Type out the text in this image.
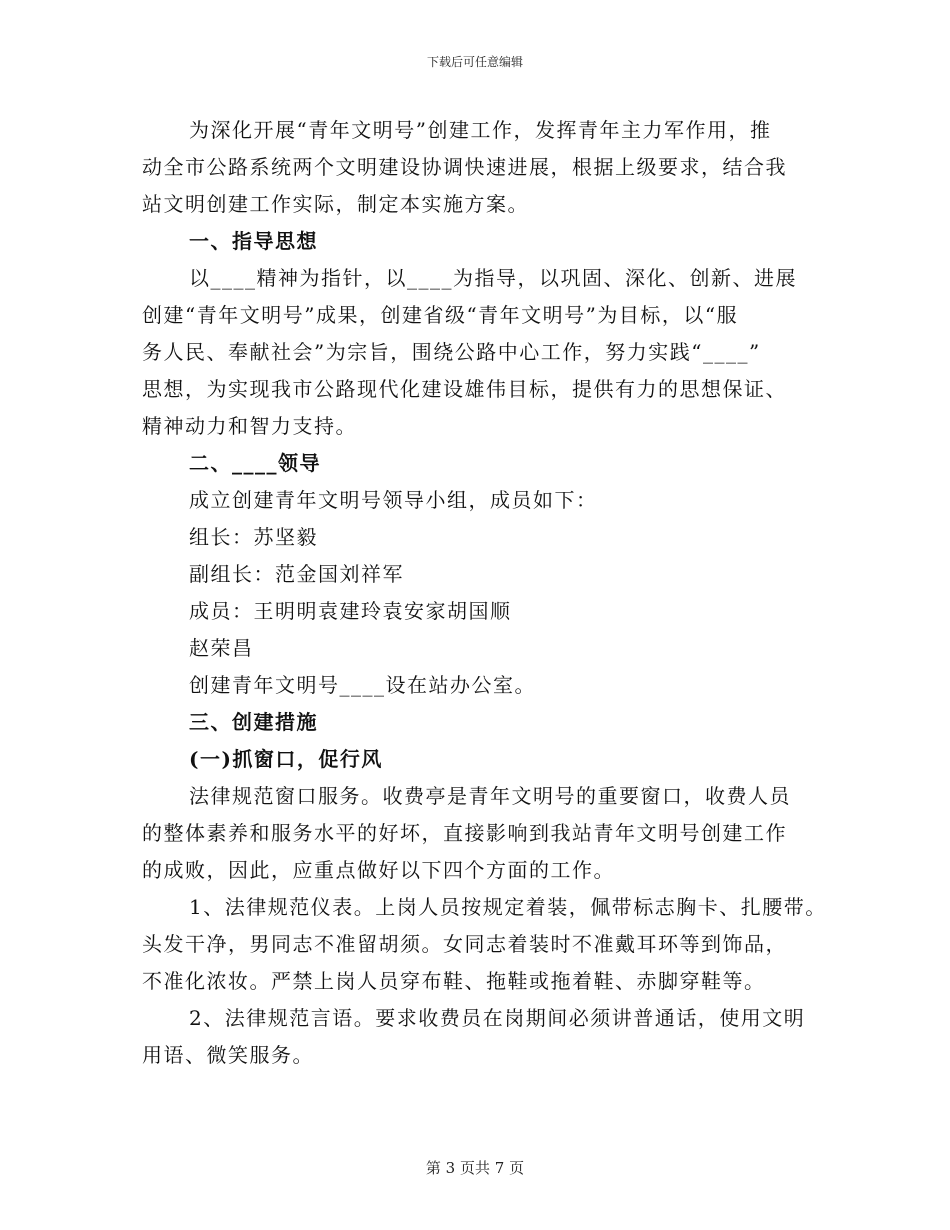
下载后可任意编辑
为深化开展“青年文明号”创建工作，发挥青年主力军作用，推
动全市公路系统两个文明建设协调快速进展，根据上级要求，结合我
站文明创建工作实际，制定本实施方案。
一、指导思想
以____精神为指针，以____为指导，以巩固、深化、创新、进展
创建“青年文明号”成果，创建省级“青年文明号”为目标，以“服
务人民、奉献社会”为宗旨，围绕公路中心工作，努力实践“____”
思想，为实现我市公路现代化建设雄伟目标，提供有力的思想保证、
精神动力和智力支持。
二、____领导
成立创建青年文明号领导小组，成员如下：
组长：苏坚毅
副组长：范金国刘祥军
成员：王明明袁建玲袁安家胡国顺
赵荣昌
创建青年文明号____设在站办公室。
三、创建措施
(一)抓窗口，促行风
法律规范窗口服务。收费亭是青年文明号的重要窗口，收费人员
的整体素养和服务水平的好坏，直接影响到我站青年文明号创建工作
的成败，因此，应重点做好以下四个方面的工作。
1、法律规范仪表。上岗人员按规定着装，佩带标志胸卡、扎腰带。
头发干净，男同志不准留胡须。女同志着装时不准戴耳环等到饰品，
不准化浓妆。严禁上岗人员穿布鞋、拖鞋或拖着鞋、赤脚穿鞋等。
2、法律规范言语。要求收费员在岗期间必须讲普通话，使用文明
用语、微笑服务。
第 3 页共 7 页
